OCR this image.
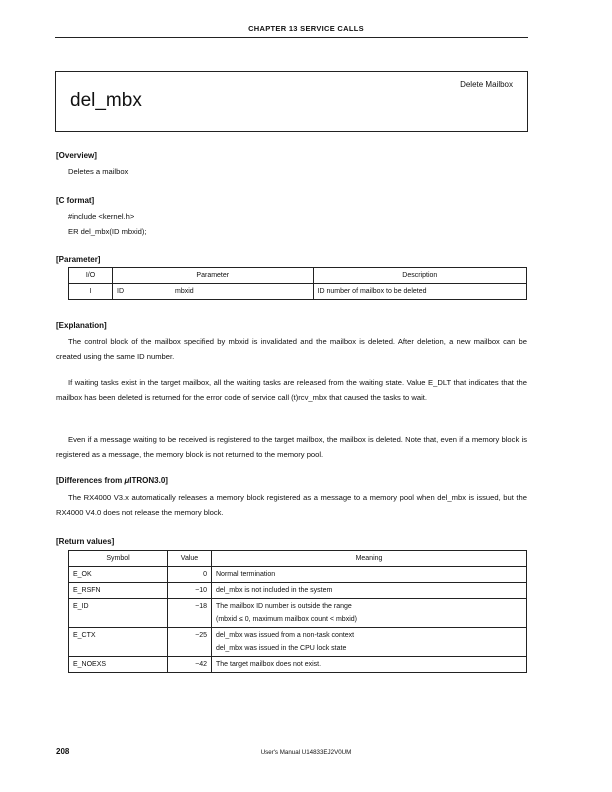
CHAPTER 13 SERVICE CALLS
del_mbx
Delete Mailbox
[Overview]
Deletes a mailbox
[C format]
#include <kernel.h>
ER del_mbx(ID mbxid);
[Parameter]
I/O	Parameter		Description
I	ID	mbxid	ID number of mailbox to be deleted
[Explanation]
The control block of the mailbox specified by mbxid is invalidated and the mailbox is deleted. After deletion, a new mailbox can be created using the same ID number.
If waiting tasks exist in the target mailbox, all the waiting tasks are released from the waiting state. Value E_DLT that indicates that the mailbox has been deleted is returned for the error code of service call (t)rcv_mbx that caused the tasks to wait.
Even if a message waiting to be received is registered to the target mailbox, the mailbox is deleted. Note that, even if a memory block is registered as a message, the memory block is not returned to the memory pool.
[Differences from μITRON3.0]
The RX4000 V3.x automatically releases a memory block registered as a message to a memory pool when del_mbx is issued, but the RX4000 V4.0 does not release the memory block.
[Return values]
Symbol	Value	Meaning
E_OK	0	Normal termination
E_RSFN	−10	del_mbx is not included in the system
E_ID	−18	The mailbox ID number is outside the range
(mbxid ≤ 0, maximum mailbox count < mbxid)

E_CTX	−25	del_mbx was issued from a non-task context
del_mbx was issued in the CPU lock state

E_NOEXS	−42	The target mailbox does not exist.
208	User's Manual U14833EJ2V0UM
